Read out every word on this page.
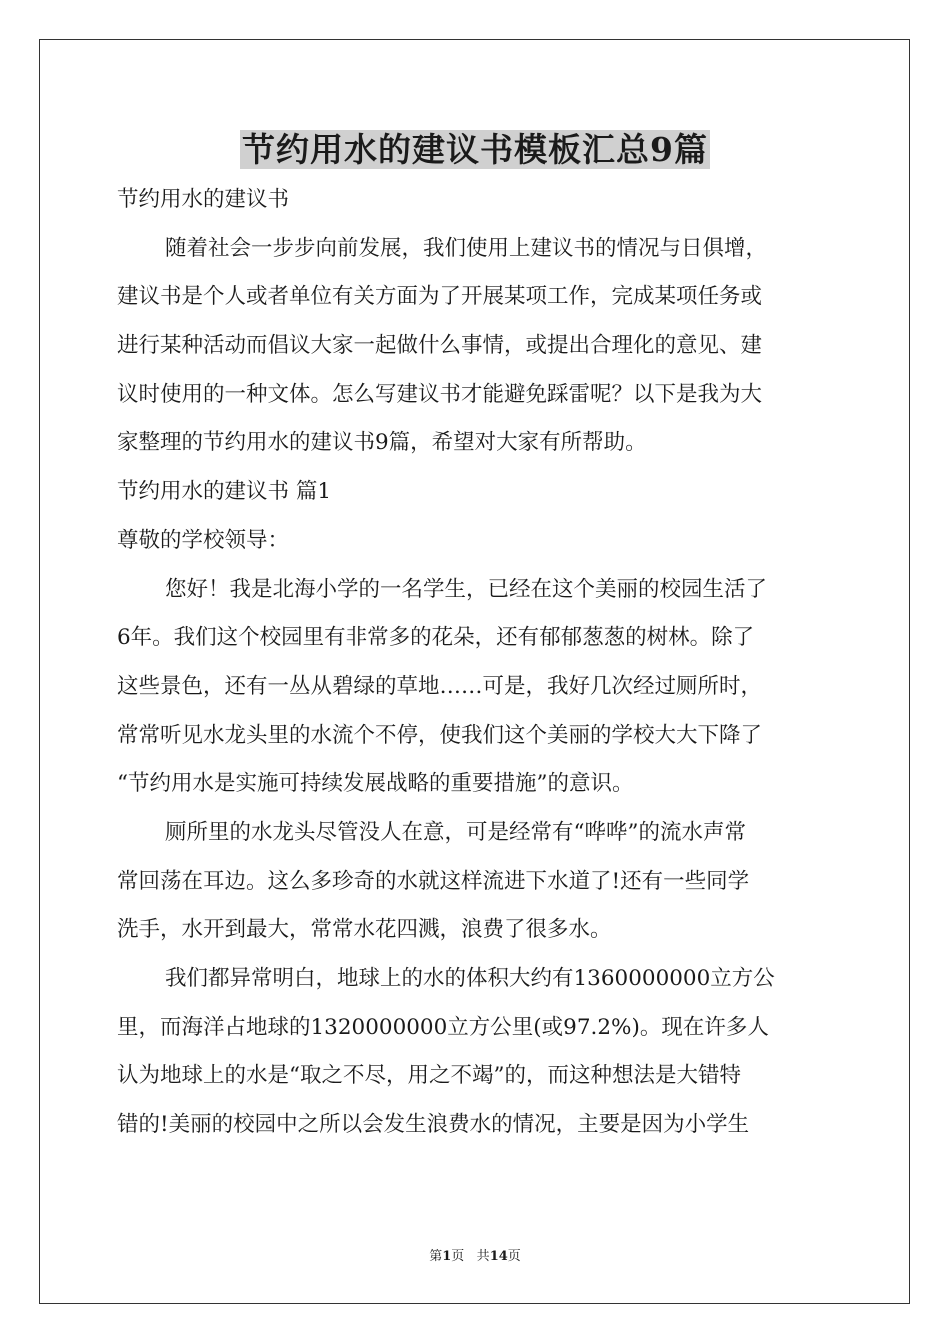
节约用水的建议书模板汇总9篇
节约用水的建议书
随着社会一步步向前发展，我们使用上建议书的情况与日俱增，
建议书是个人或者单位有关方面为了开展某项工作，完成某项任务或
进行某种活动而倡议大家一起做什么事情，或提出合理化的意见、建
议时使用的一种文体。怎么写建议书才能避免踩雷呢？以下是我为大
家整理的节约用水的建议书9篇，希望对大家有所帮助。
节约用水的建议书 篇1
尊敬的学校领导：
您好！我是北海小学的一名学生，已经在这个美丽的校园生活了
6年。我们这个校园里有非常多的花朵，还有郁郁葱葱的树林。除了
这些景色，还有一丛从碧绿的草地……可是，我好几次经过厕所时，
常常听见水龙头里的水流个不停，使我们这个美丽的学校大大下降了
“节约用水是实施可持续发展战略的重要措施”的意识。
厕所里的水龙头尽管没人在意，可是经常有“哗哗”的流水声常
常回荡在耳边。这么多珍奇的水就这样流进下水道了!还有一些同学
洗手，水开到最大，常常水花四溅，浪费了很多水。
我们都异常明白，地球上的水的体积大约有1360000000立方公
里，而海洋占地球的1320000000立方公里(或97.2%)。现在许多人
认为地球上的水是“取之不尽，用之不竭”的，而这种想法是大错特
错的!美丽的校园中之所以会发生浪费水的情况，主要是因为小学生
第1页 共14页
